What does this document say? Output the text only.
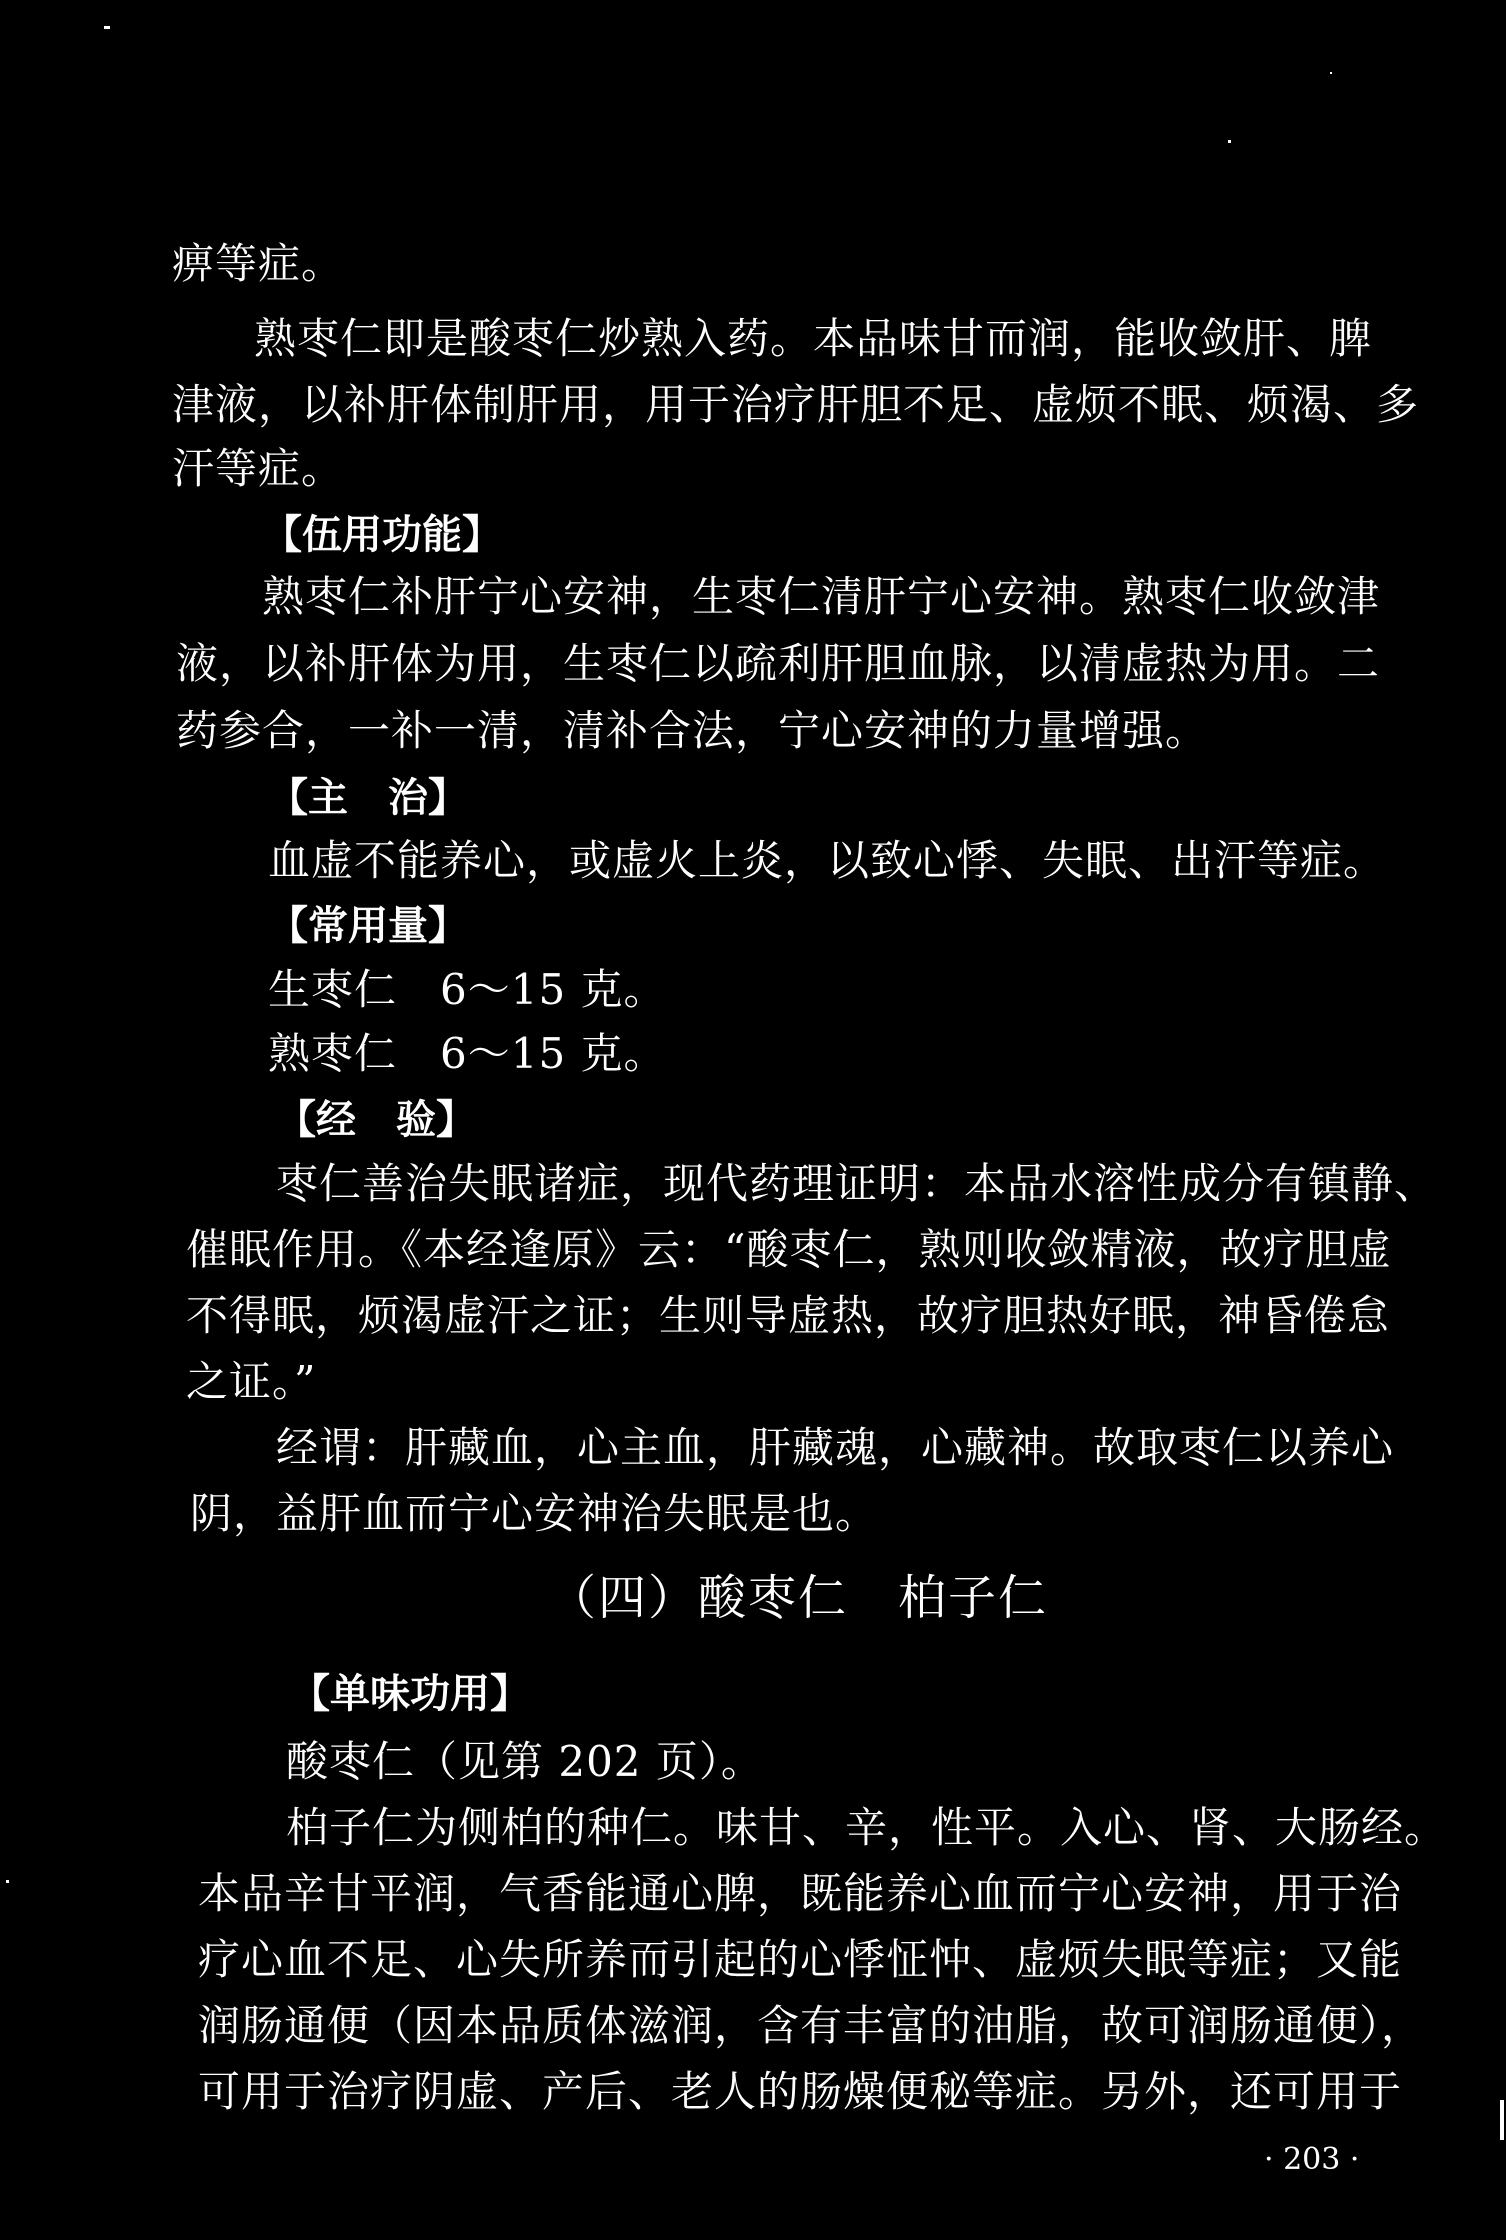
痹等症。
熟枣仁即是酸枣仁炒熟入药。本品味甘而润，能收敛肝、脾
津液，以补肝体制肝用，用于治疗肝胆不足、虚烦不眠、烦渴、多
汗等症。
【伍用功能】
熟枣仁补肝宁心安神，生枣仁清肝宁心安神。熟枣仁收敛津
液，以补肝体为用，生枣仁以疏利肝胆血脉，以清虚热为用。二
药参合，一补一清，清补合法，宁心安神的力量增强。
【主　治】
血虚不能养心，或虚火上炎，以致心悸、失眠、出汗等症。
【常用量】
生枣仁　6～15 克。
熟枣仁　6～15 克。
【经　验】
枣仁善治失眠诸症，现代药理证明：本品水溶性成分有镇静、
催眠作用。《本经逢原》云：“酸枣仁，熟则收敛精液，故疗胆虚
不得眠，烦渴虚汗之证；生则导虚热，故疗胆热好眠，神昏倦怠
之证。”
经谓：肝藏血，心主血，肝藏魂，心藏神。故取枣仁以养心
阴，益肝血而宁心安神治失眠是也。
（四）酸枣仁　柏子仁
【单味功用】
酸枣仁（见第 202 页）。
柏子仁为侧柏的种仁。味甘、辛，性平。入心、肾、大肠经。
本品辛甘平润，气香能通心脾，既能养心血而宁心安神，用于治
疗心血不足、心失所养而引起的心悸怔忡、虚烦失眠等症；又能
润肠通便（因本品质体滋润，含有丰富的油脂，故可润肠通便），
可用于治疗阴虚、产后、老人的肠燥便秘等症。另外，还可用于
· 203 ·
